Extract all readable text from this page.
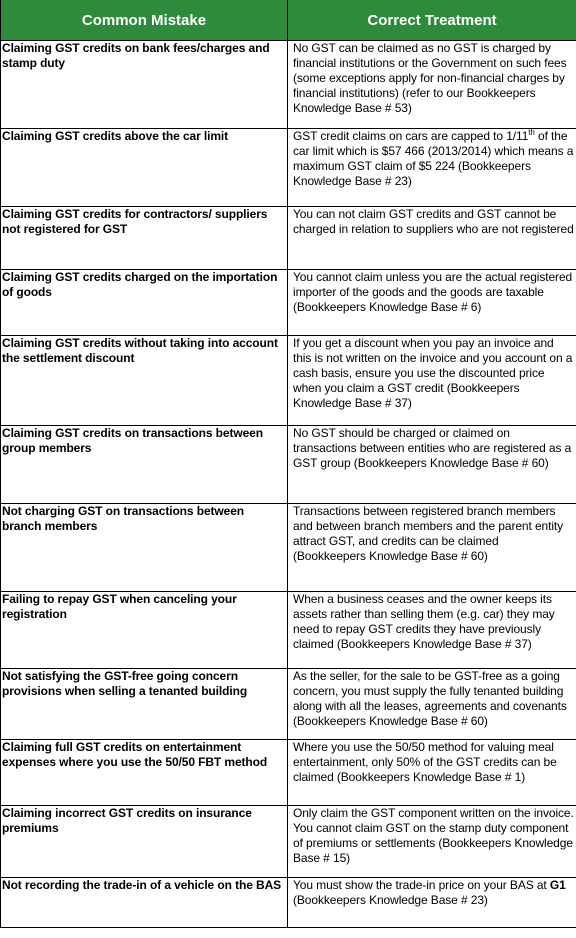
Common Mistake	Correct Treatment
Claiming GST credits on bank fees/charges and stamp duty	No GST can be claimed as no GST is charged by financial institutions or the Government on such fees (some exceptions apply for non-financial charges by financial institutions) (refer to our Bookkeepers Knowledge Base # 53)
Claiming GST credits above the car limit	GST credit claims on cars are capped to 1/11th of the car limit which is $57 466 (2013/2014) which means a maximum GST claim of $5 224 (Bookkeepers Knowledge Base # 23)
Claiming GST credits for contractors/ suppliers not registered for GST	You can not claim GST credits and GST cannot be charged in relation to suppliers who are not registered
Claiming GST credits charged on the importation of goods	You cannot claim unless you are the actual registered importer of the goods and the goods are taxable (Bookkeepers Knowledge Base # 6)
Claiming GST credits without taking into account the settlement discount	If you get a discount when you pay an invoice and this is not written on the invoice and you account on a cash basis, ensure you use the discounted price when you claim a GST credit (Bookkeepers Knowledge Base # 37)
Claiming GST credits on transactions between group members	No GST should be charged or claimed on transactions between entities who are registered as a GST group (Bookkeepers Knowledge Base # 60)
Not charging GST on transactions between branch members	Transactions between registered branch members and between branch members and the parent entity attract GST, and credits can be claimed (Bookkeepers Knowledge Base # 60)
Failing to repay GST when canceling your registration	When a business ceases and the owner keeps its assets rather than selling them (e.g. car) they may need to repay GST credits they have previously claimed (Bookkeepers Knowledge Base # 37)
Not satisfying the GST-free going concern provisions when selling a tenanted building	As the seller, for the sale to be GST-free as a going concern, you must supply the fully tenanted building along with all the leases, agreements and covenants (Bookkeepers Knowledge Base # 60)
Claiming full GST credits on entertainment expenses where you use the 50/50 FBT method	Where you use the 50/50 method for valuing meal entertainment, only 50% of the GST credits can be claimed (Bookkeepers Knowledge Base # 1)
Claiming incorrect GST credits on insurance premiums	Only claim the GST component written on the invoice. You cannot claim GST on the stamp duty component of premiums or settlements (Bookkeepers Knowledge Base # 15)
Not recording the trade-in of a vehicle on the BAS	You must show the trade-in price on your BAS at G1 (Bookkeepers Knowledge Base # 23)
